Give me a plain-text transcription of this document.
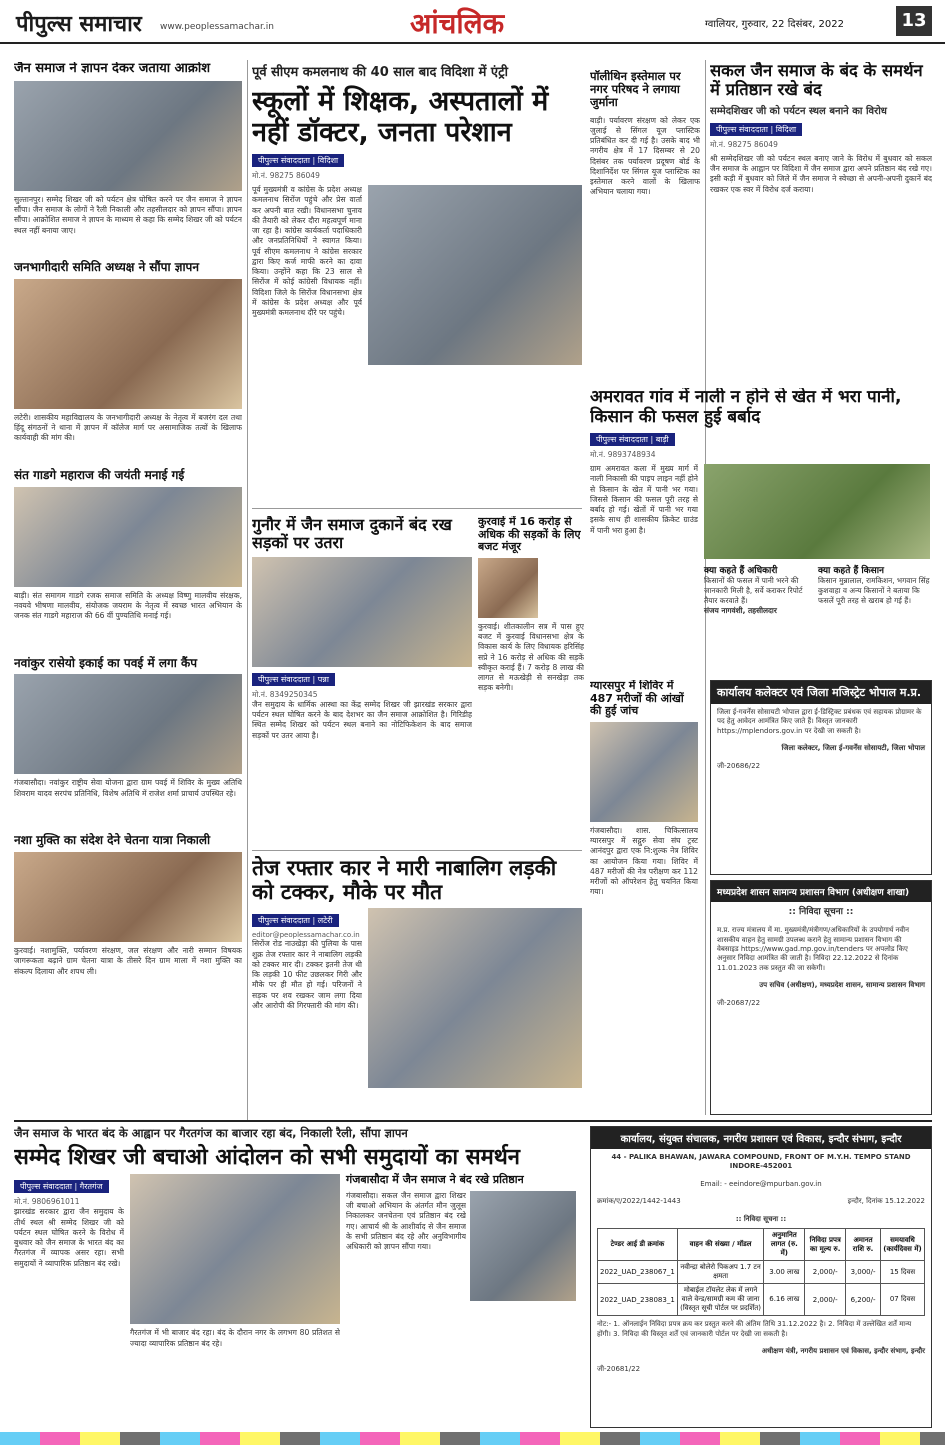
पीपुल्स समाचार www.peoplessamachar.in	आंचलिक	ग्वालियर, गुरुवार, 22 दिसंबर, 2022	13
जैन समाज ने ज्ञापन देकर जताया आक्रोश
सुल्तानपुर। सम्मेद शिखर जी को पर्यटन क्षेत्र घोषित करने पर जैन समाज ने ज्ञापन सौंपा। जैन समाज के लोगों ने रैली निकाली और तहसीलदार को ज्ञापन सौंपा। ज्ञापन सौंपा। आक्रोशित समाज ने ज्ञापन के माध्यम से कहा कि सम्मेद शिखर जी को पर्यटन स्थल नहीं बनाया जाए।
जनभागीदारी समिति अध्यक्ष ने सौंपा ज्ञापन
लटेरी। शासकीय महाविद्यालय के जनभागीदारी अध्यक्ष के नेतृत्व में बजरंग दल तथा हिंदू संगठनों ने थाना में ज्ञापन में कॉलेज मार्ग पर असामाजिक तत्वों के खिलाफ कार्यवाही की मांग की।
संत गाडगे महाराज की जयंती मनाई गई
बाड़ी। संत समागम गाडगे रजक समाज समिति के अध्यक्ष विष्णु मालवीय संरक्षक, नवयवे भीषणा मालवीय, संयोजक जयराम के नेतृत्व में स्वच्छ भारत अभियान के जनक संत गाडगे महाराज की 66 वीं पुण्यतिथि मनाई गई।
नवांकुर रासेयो इकाई का पवई में लगा कैंप
गंजबासौदा। नवांकुर राष्ट्रीय सेवा योजना द्वारा ग्राम पवई में शिविर के मुख्य अतिथि शिवराम यादव सरपंच प्रतिनिधि, विशेष अतिथि में राजेश शर्मा प्राचार्य उपस्थित रहे।
नशा मुक्ति का संदेश देने चेतना यात्रा निकाली
कुरवाई। नशामुक्ति, पर्यावरण संरक्षण, जल संरक्षण और नारी सम्मान विषयक जागरूकता बढ़ाने ग्राम चेतना यात्रा के तीसरे दिन ग्राम माला में नशा मुक्ति का संकल्प दिलाया और शपथ ली।
पूर्व सीएम कमलनाथ की 40 साल बाद विदिशा में एंट्री
स्कूलों में शिक्षक, अस्पतालों में नहीं डॉक्टर, जनता परेशान
पीपुल्स संवाददाता | विदिशा
मो.नं. 98275 86049
पूर्व मुख्यमंत्री व कांग्रेस के प्रदेश अध्यक्ष कमलनाथ सिरोंज पहुंचे और प्रेस वार्ता कर अपनी बात रखी। विधानसभा चुनाव की तैयारी को लेकर दौरा महत्वपूर्ण माना जा रहा है। कांग्रेस कार्यकर्ता पदाधिकारी और जनप्रतिनिधियों ने स्वागत किया। पूर्व सीएम कमलनाथ ने कांग्रेस सरकार द्वारा किए कर्ज माफी करने का दावा किया। उन्होंने कहा कि 23 साल से सिरोंज में कोई कांग्रेसी विधायक नहीं। विदिशा जिले के सिरोंज विधानसभा क्षेत्र में कांग्रेस के प्रदेश अध्यक्ष और पूर्व मुख्यमंत्री कमलनाथ दौरे पर पहुंचे।
पॉलीथिन इस्तेमाल पर नगर परिषद ने लगाया जुर्माना
बाड़ी। पर्यावरण संरक्षण को लेकर एक जुलाई से सिंगल यूज प्लास्टिक प्रतिबंधित कर दी गई है। उसके बाद भी नगरीय क्षेत्र में 17 दिसम्बर से 20 दिसंबर तक पर्यावरण प्रदूषण बोर्ड के दिशानिर्देश पर सिंगल यूज प्लास्टिक का इस्तेमाल करने वालों के खिलाफ अभियान चलाया गया।
सकल जैन समाज के बंद के समर्थन में प्रतिष्ठान रखे बंद
सम्मेदशिखर जी को पर्यटन स्थल बनाने का विरोध
पीपुल्स संवाददाता | विदिशा
मो.नं. 98275 86049
श्री सम्मेदशिखर जी को पर्यटन स्थल बनाए जाने के विरोध में बुधवार को सकल जैन समाज के आह्वान पर विदिशा में जैन समाज द्वारा अपने प्रतिष्ठान बंद रखे गए। इसी कड़ी में बुधवार को जिले में जैन समाज ने स्वेच्छा से अपनी-अपनी दुकानें बंद रखकर एक स्वर में विरोध दर्ज कराया।
अमरावत गांव में नाली न होने से खेत में भरा पानी, किसान की फसल हुई बर्बाद
पीपुल्स संवाददाता | बाड़ी
मो.नं. 9893748934
ग्राम अमरावत कला में मुख्य मार्ग में नाली निकासी की पाइप लाइन नहीं होने से किसान के खेत में पानी भर गया। जिससे किसान की फसल पूरी तरह से बर्बाद हो गई। खेतों में पानी भर गया इसके साथ ही शासकीय क्रिकेट ग्राउंड में पानी भरा हुआ है।
क्या कहते हैं अधिकारी
किसानों की फसल में पानी भरने की जानकारी मिली है, सर्वे कराकर रिपोर्ट तैयार करवाते हैं।
संजय नागवंशी, तहसीलदार
क्या कहते हैं किसान
किसान मुन्नालाल, रामकिशन, भगवान सिंह कुशवाहा व अन्य किसानों ने बताया कि फसलें पूरी तरह से खराब हो गई हैं।
गुनौर में जैन समाज दुकानें बंद रख सड़कों पर उतरा
पीपुल्स संवाददाता | पन्ना
मो.नं. 8349250345
जैन समुदाय के धार्मिक आस्था का केंद्र सम्मेद शिखर जी झारखंड सरकार द्वारा पर्यटन स्थल घोषित करने के बाद देशभर का जैन समाज आक्रोशित है। गिरिडीह स्थित सम्मेद शिखर को पर्यटन स्थल बनाने का नोटिफिकेशन के बाद समाज सड़कों पर उतर आया है।
कुरवाई में 16 करोड़ से अधिक की सड़कों के लिए बजट मंजूर
कुरवाई। शीतकालीन सत्र में पास हुए बजट में कुरवाई विधानसभा क्षेत्र के विकास कार्य के लिए विधायक हरिसिंह सप्रे ने 16 करोड़ से अधिक की सड़कें स्वीकृत कराई हैं। 7 करोड़ 8 लाख की लागत से मऊखेड़ी से सनखेड़ा तक सड़क बनेगी।	ग्यारसपुर में शिविर में 487 मरीजों की आंखों की हुई जांच
गंजबासौदा। शास. चिकित्सालय ग्यारसपुर में सद्गुरु सेवा संघ ट्रस्ट आनंदपुर द्वारा एक नि:शुल्क नेत्र शिविर का आयोजन किया गया। शिविर में 487 मरीजों की नेत्र परीक्षण कर 112 मरीजों को ऑपरेशन हेतु चयनित किया गया।
कार्यालय कलेक्टर एवं जिला मजिस्ट्रेट भोपाल म.प्र.
जिला ई-गवर्नेंस सोसायटी भोपाल द्वारा ई-डिस्ट्रिक्ट प्रबंधक एवं सहायक प्रोग्रामर के पद हेतु आवेदन आमंत्रित किए जाते हैं। विस्तृत जानकारी https://mplendors.gov.in पर देखी जा सकती है।
जिला कलेक्टर, जिला ई-गवर्नेंस सोसायटी, जिला भोपाल
जी-20686/22
मध्यप्रदेश शासन सामान्य प्रशासन विभाग (अधीक्षण शाखा)
:: निविदा सूचना ::
म.प्र. राज्य मंत्रालय में मा. मुख्यमंत्री/मंत्रीगण/अधिकारियों के उपयोगार्थ नवीन शासकीय वाहन हेतु सामग्री उपलब्ध कराने हेतु सामान्य प्रशासन विभाग की वेबसाइड https://www.gad.mp.gov.in/tenders पर अपलोड किए अनुसार निविदा आमंत्रित की जाती है। निविदा 22.12.2022 से दिनांक 11.01.2023 तक प्रस्तुत की जा सकेगी।
उप सचिव (अधीक्षण), मध्यप्रदेश शासन, सामान्य प्रशासन विभाग
जी-20687/22
तेज रफ्तार कार ने मारी नाबालिग लड़की को टक्कर, मौके पर मौत
पीपुल्स संवाददाता | लटेरी
editor@peoplessamachar.co.in
सिरोंज रोड नाउखेड़ा की पुलिया के पास शुक्र तेज रफ्तार कार ने नाबालिग लड़की को टक्कर मार दी। टक्कर इतनी तेज थी कि लड़की 10 फीट उछलकर गिरी और मौके पर ही मौत हो गई। परिजनों ने सड़क पर शव रखकर जाम लगा दिया और आरोपी की गिरफ्तारी की मांग की।
जैन समाज के भारत बंद के आह्वान पर गैरतगंज का बाजार रहा बंद, निकाली रैली, सौंपा ज्ञापन
सम्मेद शिखर जी बचाओ आंदोलन को सभी समुदायों का समर्थन
पीपुल्स संवाददाता | गैरतगंज
मो.नं. 9806961011
झारखंड सरकार द्वारा जैन समुदाय के तीर्थ स्थल श्री सम्मेद शिखर जी को पर्यटन स्थल घोषित करने के विरोध में बुधवार को जैन समाज के भारत बंद का गैरतगंज में व्यापक असर रहा। सभी समुदायों ने व्यापारिक प्रतिष्ठान बंद रखे।
गैरतगंज में भी बाजार बंद रहा। बंद के दौरान नगर के लगभग 80 प्रतिशत से ज्यादा व्यापारिक प्रतिष्ठान बंद रहे।
गंजबासौदा में जैन समाज ने बंद रखे प्रतिष्ठान
गंजबासौदा। सकल जैन समाज द्वारा शिखर जी बचाओ अभियान के अंतर्गत मौन जुलूस निकालकर जनचेतना एवं प्रतिष्ठान बंद रखे गए। आचार्य श्री के आशीर्वाद से जैन समाज के सभी प्रतिष्ठान बंद रहे और अनुविभागीय अधिकारी को ज्ञापन सौंपा गया।
कार्यालय, संयुक्त संचालक, नगरीय प्रशासन एवं विकास, इन्दौर संभाग, इन्दौर
44 - PALIKA BHAWAN, JAWARA COMPOUND, FRONT OF M.Y.H. TEMPO STAND INDORE-452001
Email: - eeindore@mpurban.gov.in
क्रमांक/ए/2022/1442-1443	इन्दौर, दिनांक 15.12.2022
:: निविदा सूचना ::
टेण्डर आई डी क्रमांक	वाहन की संख्या / मॉडल	अनुमानित लागत (रु. में)	निविदा प्रपत्र का मूल्य रु.	अमानत राशि रु.	समयावधि (कार्यदिवस में)
2022_UAD_238067_1	नवीन्द्रा बोलेरो पिकअप 1.7 टन क्षमता	3.00 लाख	2,000/-	3,000/-	15 दिवस
2022_UAD_238083_1	मोबाईल टॉयलेट लेक में लगने वाले वेन्ड/सामग्री कम की जाना (विस्तृत सूची पोर्टल पर प्रदर्शित)	6.16 लाख	2,000/-	6,200/-	07 दिवस
नोट:- 1. ऑनलाईन निविदा प्रपत्र क्रय कर प्रस्तुत करने की अंतिम तिथि 31.12.2022 है। 2. निविदा में उल्लेखित शर्तें मान्य होंगी। 3. निविदा की विस्तृत शर्तें एवं जानकारी पोर्टल पर देखी जा सकती है।
अधीक्षण यंत्री, नगरीय प्रशासन एवं विकास, इन्दौर संभाग, इन्दौर
जी-20681/22
